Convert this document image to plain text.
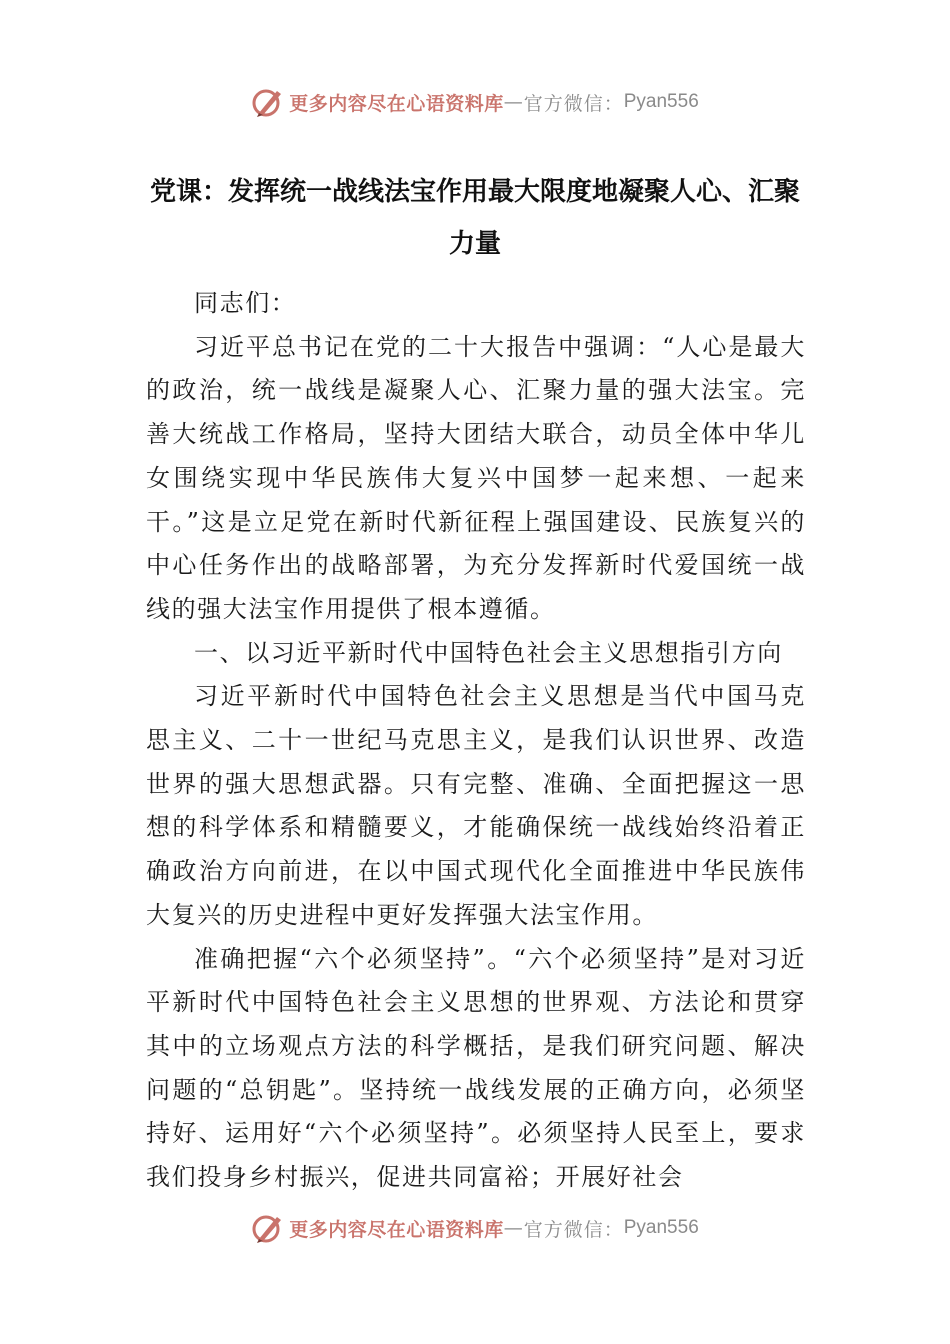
更多内容尽在心语资料库 — 官方微信： Pyan556
党课：发挥统一战线法宝作用最大限度地凝聚人心、汇聚力量

同志们：

习近平总书记在党的二十大报告中强调：“人心是最大的政治，统一战线是凝聚人心、汇聚力量的强大法宝。完善大统战工作格局，坚持大团结大联合，动员全体中华儿女围绕实现中华民族伟大复兴中国梦一起来想、一起来干。”这是立足党在新时代新征程上强国建设、民族复兴的中心任务作出的战略部署，为充分发挥新时代爱国统一战线的强大法宝作用提供了根本遵循。

一、以习近平新时代中国特色社会主义思想指引方向

习近平新时代中国特色社会主义思想是当代中国马克思主义、二十一世纪马克思主义，是我们认识世界、改造世界的强大思想武器。只有完整、准确、全面把握这一思想的科学体系和精髓要义，才能确保统一战线始终沿着正确政治方向前进，在以中国式现代化全面推进中华民族伟大复兴的历史进程中更好发挥强大法宝作用。

准确把握“六个必须坚持”。“六个必须坚持”是对习近平新时代中国特色社会主义思想的世界观、方法论和贯穿其中的立场观点方法的科学概括，是我们研究问题、解决问题的“总钥匙”。坚持统一战线发展的正确方向，必须坚持好、运用好“六个必须坚持”。必须坚持人民至上，要求我们投身乡村振兴，促进共同富裕；开展好社会

更多内容尽在心语资料库 — 官方微信： Pyan556
